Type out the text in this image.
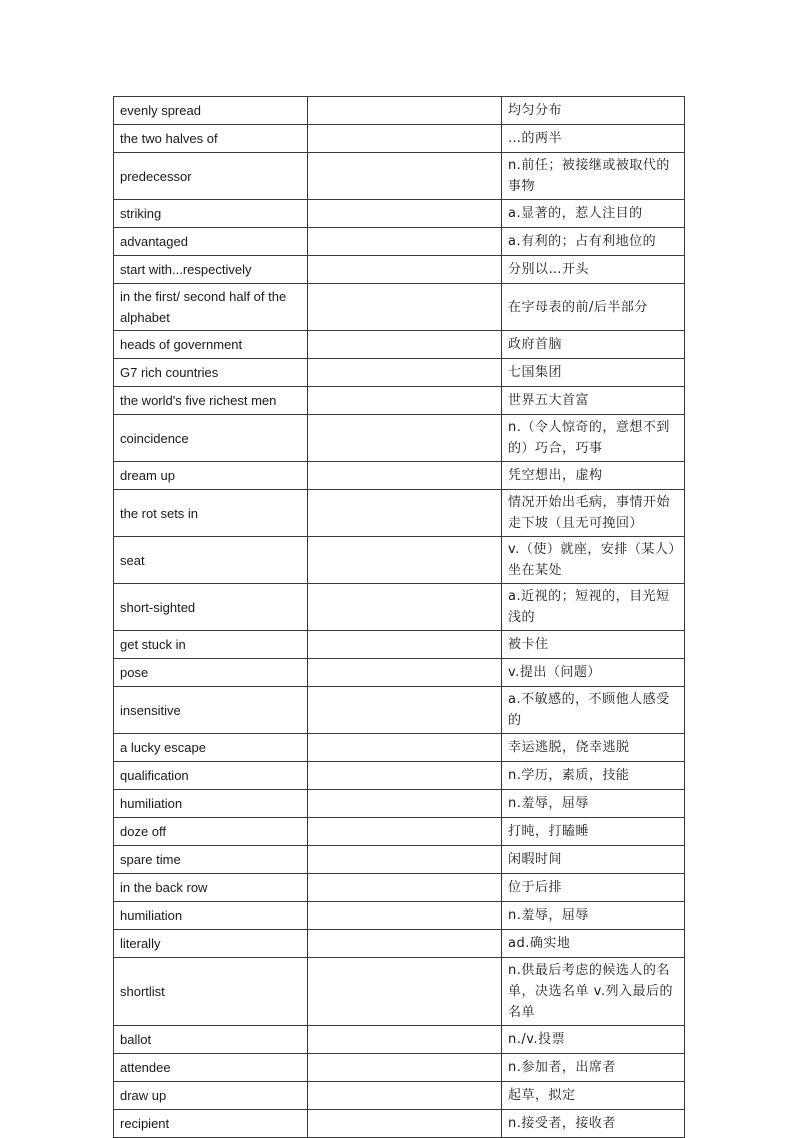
evenly spread		均匀分布
the two halves of		…的两半
predecessor		n.前任；被接继或被取代的事物
striking		a.显著的，惹人注目的
advantaged		a.有利的；占有利地位的
start with...respectively		分别以…开头
in the first/ second half of the alphabet		在字母表的前/后半部分
heads of government		政府首脑
G7 rich countries		七国集团
the world's five richest men		世界五大首富
coincidence		n.（令人惊奇的，意想不到的）巧合，巧事
dream up		凭空想出，虚构
the rot sets in		情况开始出毛病，事情开始走下坡（且无可挽回）
seat		v.（使）就座，安排（某人）坐在某处
short-sighted		a.近视的；短视的，目光短浅的
get stuck in		被卡住
pose		v.提出（问题）
insensitive		a.不敏感的，不顾他人感受的
a lucky escape		幸运逃脱，侥幸逃脱
qualification		n.学历，素质，技能
humiliation		n.羞辱，屈辱
doze off		打盹，打瞌睡
spare time		闲暇时间
in the back row		位于后排
humiliation		n.羞辱，屈辱
literally		ad.确实地
shortlist		n.供最后考虑的候选人的名单，决选名单 v.列入最后的名单
ballot		n./v.投票
attendee		n.参加者，出席者
draw up		起草，拟定
recipient		n.接受者，接收者
